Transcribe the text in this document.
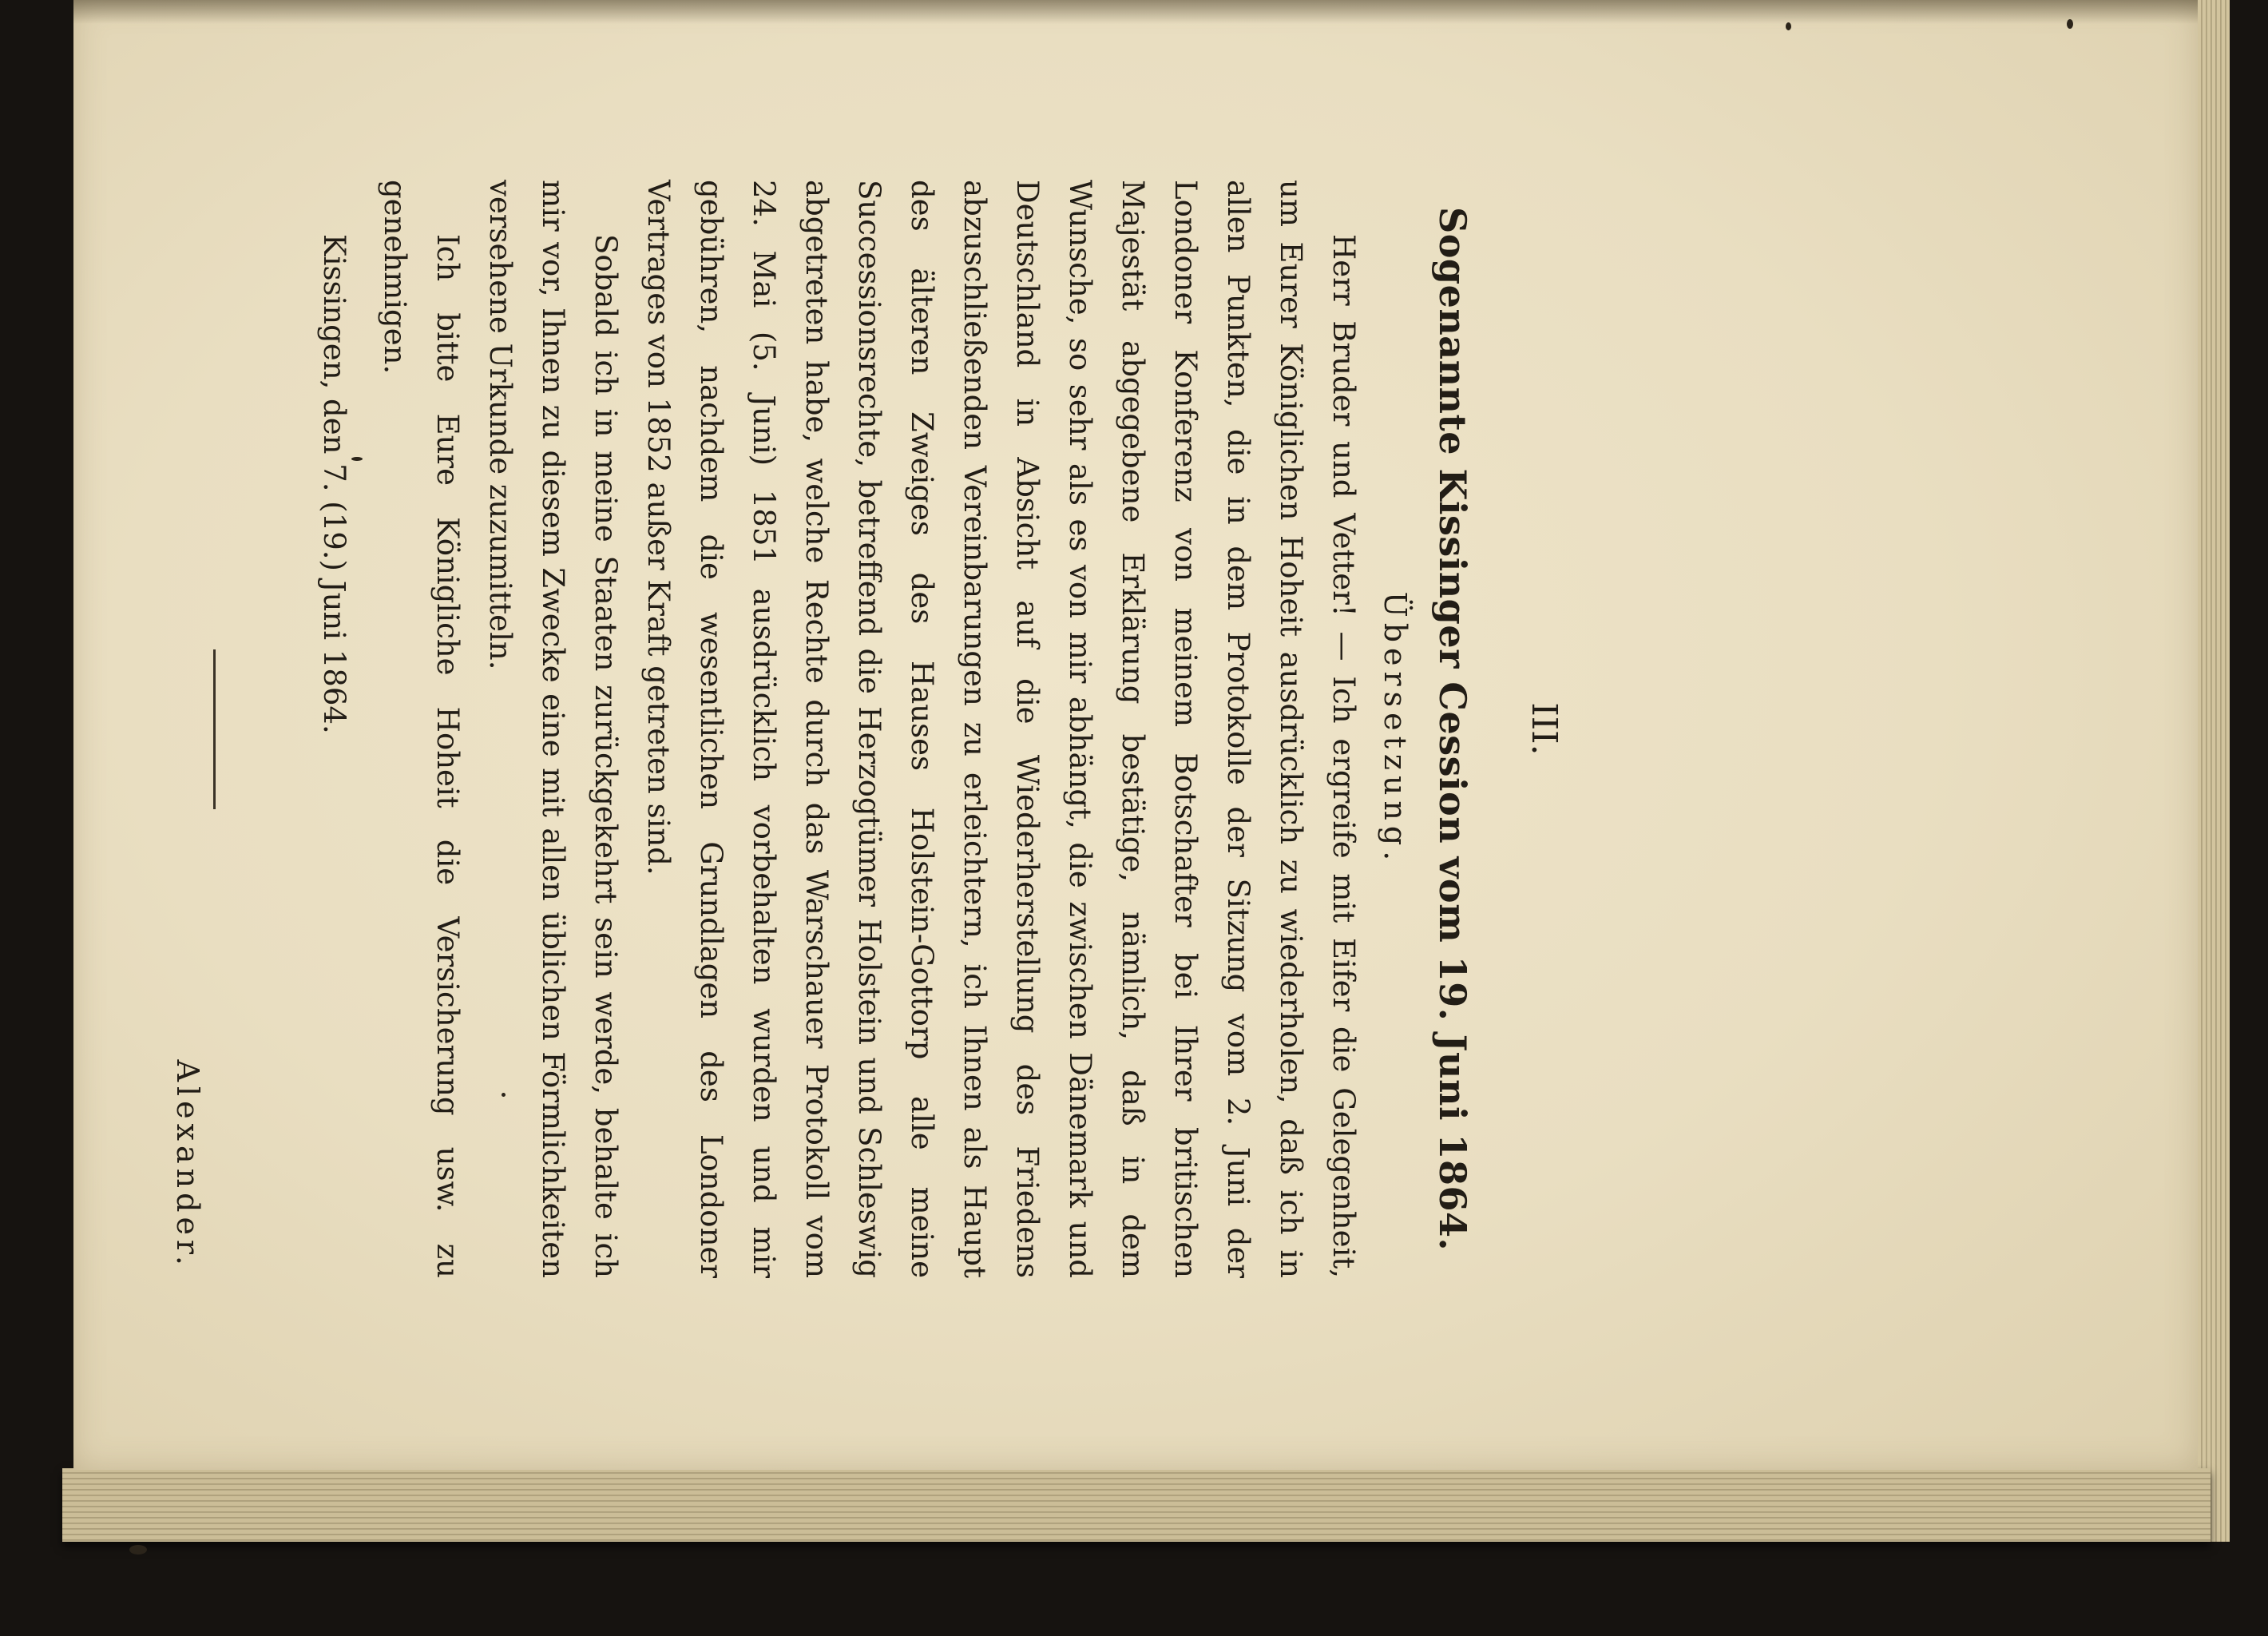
III.
Sogenannte Kissinger Cession vom 19. Juni 1864.
Übersetzung.

Herr Bruder und Vetter! — Ich ergreife mit Eifer die Gelegenheit, um Eurer Königlichen Hoheit ausdrücklich zu wiederholen, daß ich in allen Punkten, die in dem Protokolle der Sitzung vom 2. Juni der Londoner Konferenz von meinem Botschafter bei Ihrer britischen Majestät abgegebene Erklärung bestätige, nämlich, daß in dem Wunsche, so sehr als es von mir abhängt, die zwischen Dänemark und Deutschland in Absicht auf die Wiederherstellung des Friedens abzuschließenden Vereinbarungen zu erleichtern, ich Ihnen als Haupt des älteren Zweiges des Hauses Holstein-Gottorp alle meine Successionsrechte, betreffend die Herzogtümer Holstein und Schleswig abgetreten habe, welche Rechte durch das Warschauer Protokoll vom 24. Mai (5. Juni) 1851 ausdrücklich vorbehalten wurden und mir gebühren, nachdem die wesentlichen Grundlagen des Londoner Vertrages von 1852 außer Kraft getreten sind.

Sobald ich in meine Staaten zurückgekehrt sein werde, behalte ich mir vor, Ihnen zu diesem Zwecke eine mit allen üblichen Förmlichkeiten versehene Urkunde zuzumitteln.

Ich bitte Eure Königliche Hoheit die Versicherung usw. zu genehmigen.

Kissingen, den 7. (19.) Juni 1864.
Alexander.
